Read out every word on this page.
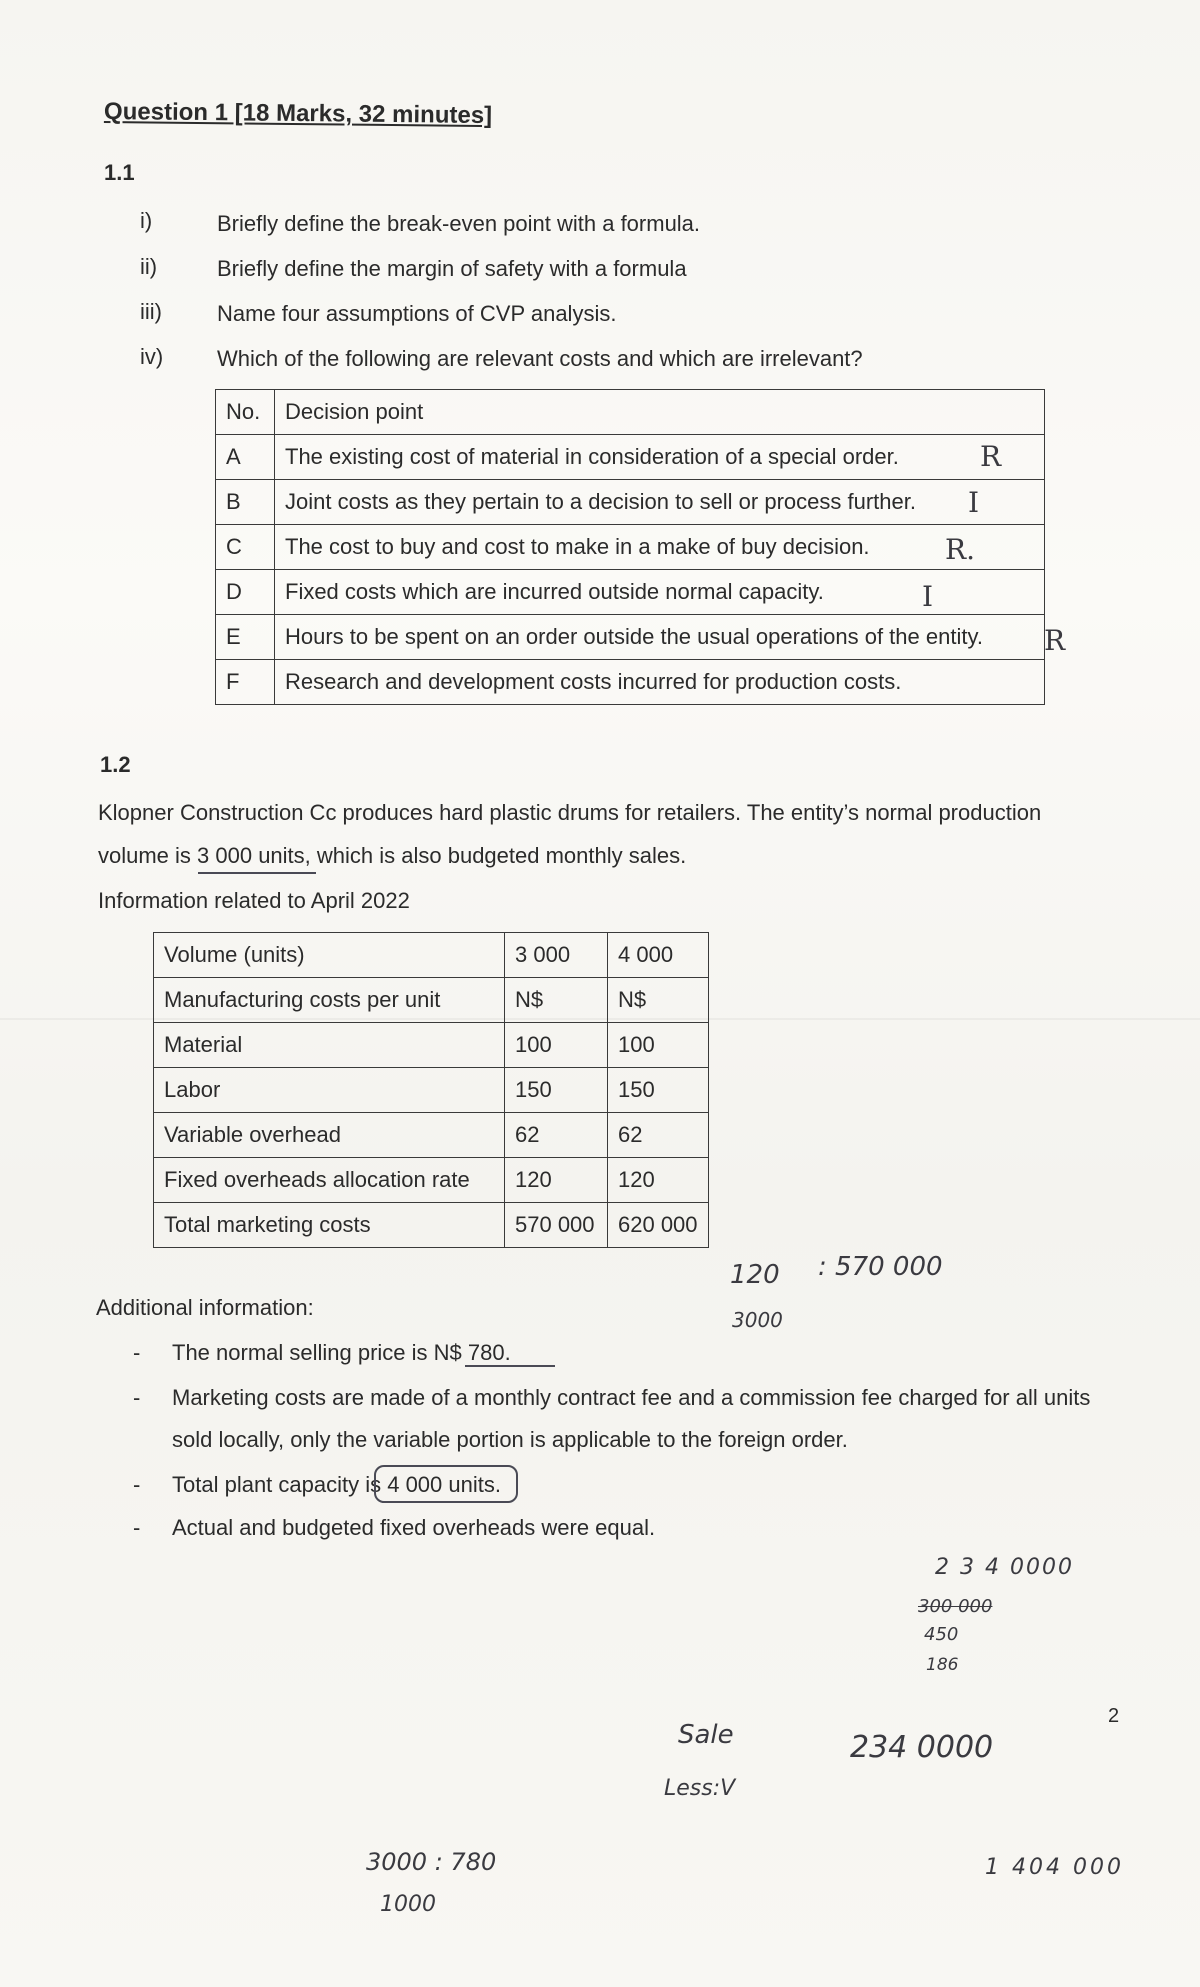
Question 1 [18 Marks, 32 minutes]
1.1
i)	Briefly define the break-even point with a formula.
ii)	Briefly define the margin of safety with a formula
iii)	Name four assumptions of CVP analysis.
iv) Which of the following are relevant costs and which are irrelevant?
No.	Decision point
A	The existing cost of material in consideration of a special order.
B	Joint costs as they pertain to a decision to sell or process further.
C	The cost to buy and cost to make in a make of buy decision.
D	Fixed costs which are incurred outside normal capacity.
E	Hours to be spent on an order outside the usual operations of the entity.
F	Research and development costs incurred for production costs.
R
I
R.
I
R
1.2
Klopner Construction Cc produces hard plastic drums for retailers. The entity’s normal production
volume is 3 000 units, which is also budgeted monthly sales.
Information related to April 2022
Volume (units)	3 000	4 000
Manufacturing costs per unit	N$	N$
Material	100	100
Labor	150	150
Variable overhead	62	62
Fixed overheads allocation rate	120	120
Total marketing costs	570 000	620 000
120 : 570 000
3000
Additional information:
- The normal selling price is N$ 780.
- Marketing costs are made of a monthly contract fee and a commission fee charged for all units
sold locally, only the variable portion is applicable to the foreign order.
- Total plant capacity is 4 000 units.
- Actual and budgeted fixed overheads were equal.
2 3 4 0000
300 000
450
186
2
Sale
Less:V
234 0000
3000 : 780
1000
1 404 000
